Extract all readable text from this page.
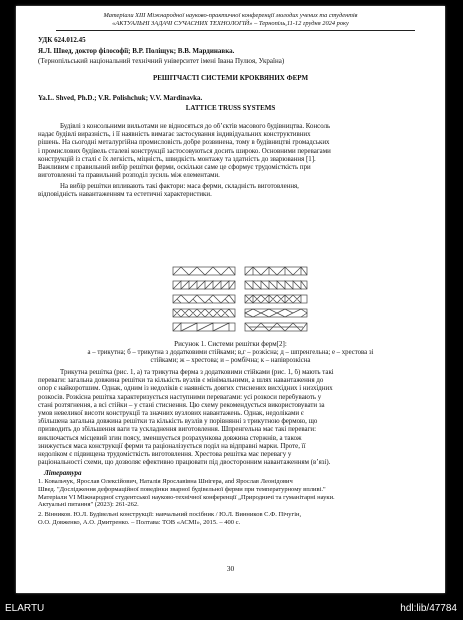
Матеріали XIII Міжнародної науково-практичної конференції молодих учених та студентів
«АКТУАЛЬНІ ЗАДАЧІ СУЧАСНИХ ТЕХНОЛОГІЙ» – Тернопіль,11-12 грудня 2024 року
УДК 624.012.45
Я.Л. Швед, доктор філософії; В.Р. Поліщук; В.В. Мардинавка.
(Тернопільський національний технічний університет імені Івана Пулюя, Україна)
РЕШІТЧАСТІ СИСТЕМИ КРОКВЯНИХ ФЕРМ
Ya.L. Shved, Ph.D.; V.R. Polishchuk; V.V. Mardinavka.
LATTICE TRUSS SYSTEMS
Будівлі з консольними вильотами не відносяться до об’єктів масового будівництва. Консоль
надає будівлі виразність, і її наявність вимагає застосування індивідуальних конструктивних
рішень. На сьогодні металургійна промисловість добре розвинена, тому в будівництві громадських
і промислових будівель сталеві конструкції застосовуються досить широко. Основними перевагами
конструкцій із сталі є їх легкість, міцність, швидкість монтажу та здатність до зварювання [1].
Важливим є правильний вибір решітки ферми, оскільки саме це сформує трудомісткість при
виготовленні та правильний розподіл зусиль між елементами.
На вибір решітки впливають такі фактори: маса ферми, складність виготовлення,
відповідність навантаженням та естетичні характеристики.
Рисунок 1. Системи решітки ферм[2]:
а – трикутна; б – трикутна з додатковими стійками; в,г – розкісна; д – шпренгельна; е – хрестова зі
стійками; ж – хрестова; и – ромбічна; к – напіврозкісна
Трикутна решітка (рис. 1, а) та трикутна ферма з додатковими стійками (рис. 1, б) мають такі
переваги: загальна довжина решітки та кількість вузлів є мінімальними, а шлях навантаження до
опор є найкоротшим. Однак, одним із недоліків є наявність довгих стиснених висхідних і низхідних
розкосів. Розкісна решітка характеризується наступними перевагами: усі розкоси перебувають у
стані розтягнення, а всі стійки – у стані стиснення. Цю схему рекомендується використовувати за
умов невеликої висоти конструкції та значних вузлових навантажень. Однак, недоліками є
збільшена загальна довжина решітки та кількість вузлів у порівнянні з трикутною фермою, що
призводить до збільшення ваги та ускладнення виготовлення. Шпренгельна має такі переваги:
виключається місцевий згин поясу, зменшується розрахункова довжина стержнів, а також
знижується маса конструкції ферми та раціоналізується поділ на відправні марки. Проте, її
недоліком є підвищена трудомісткість виготовлення. Хрестова решітка має перевагу у
раціональності схеми, що дозволяє ефективно працювати під двосторонним навантаженням (в’язі).
Література
1. Ковальчук, Ярослав Олексійович, Наталія Ярославівна Шнігера, and Ярослав Леонідович
Швед. "Дослідження деформаційної поведінки зварної будівельної ферми при температурному впливі."
Матеріали VI Міжнародної студентської науково-технічної конференції „Природничі та гуманітарні науки.
Актуальні питання" (2023): 261-262.
2. Вінников. Ю.Л. Будівельні конструкції: навчальний посібник / Ю.Л. Винников С.Ф. Пічугін,
О.О. Довженко, А.О. Дмитренко. – Полтава: ТОВ «АСМІ», 2015. – 400 с.
30
ELARTU	hdl:lib/47784
